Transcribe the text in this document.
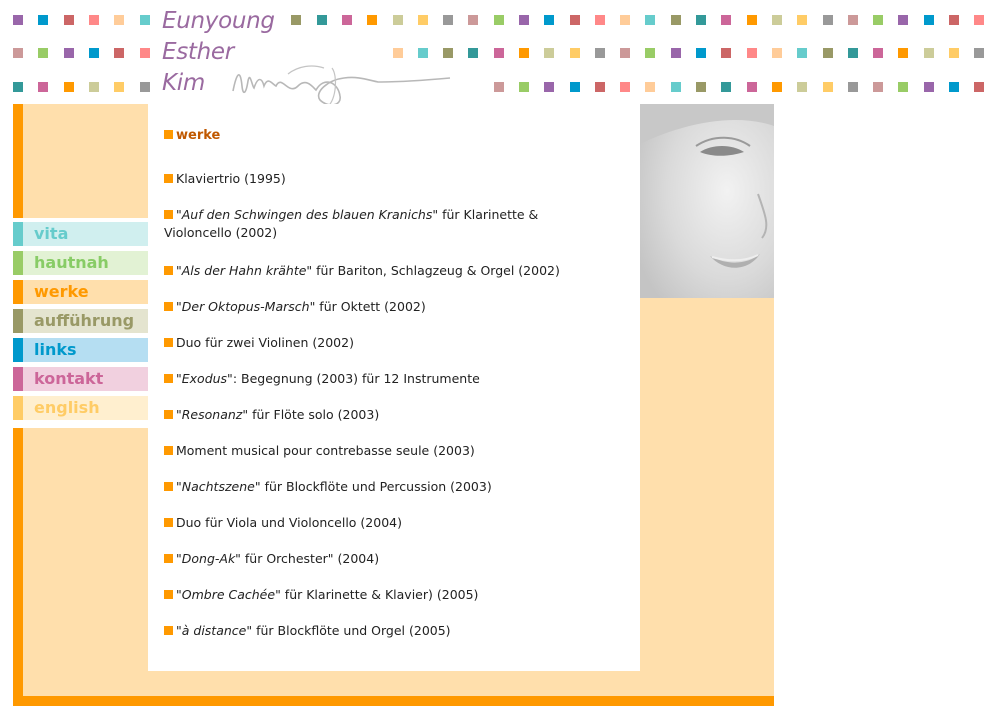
Eunyoung
Esther
Kim
vita
hautnah
werke
aufführung
links
kontakt
english
werke
Klaviertrio (1995)
"Auf den Schwingen des blauen Kranichs" für Klarinette & Violoncello (2002)
"Als der Hahn krähte" für Bariton, Schlagzeug & Orgel (2002)
"Der Oktopus-Marsch" für Oktett (2002)
Duo für zwei Violinen (2002)
"Exodus": Begegnung (2003) für 12 Instrumente
"Resonanz" für Flöte solo (2003)
Moment musical pour contrebasse seule (2003)
"Nachtszene" für Blockflöte und Percussion (2003)
Duo für Viola und Violoncello (2004)
"Dong-Ak" für Orchester" (2004)
"Ombre Cachée" für Klarinette & Klavier) (2005)
"à distance" für Blockflöte und Orgel (2005)
